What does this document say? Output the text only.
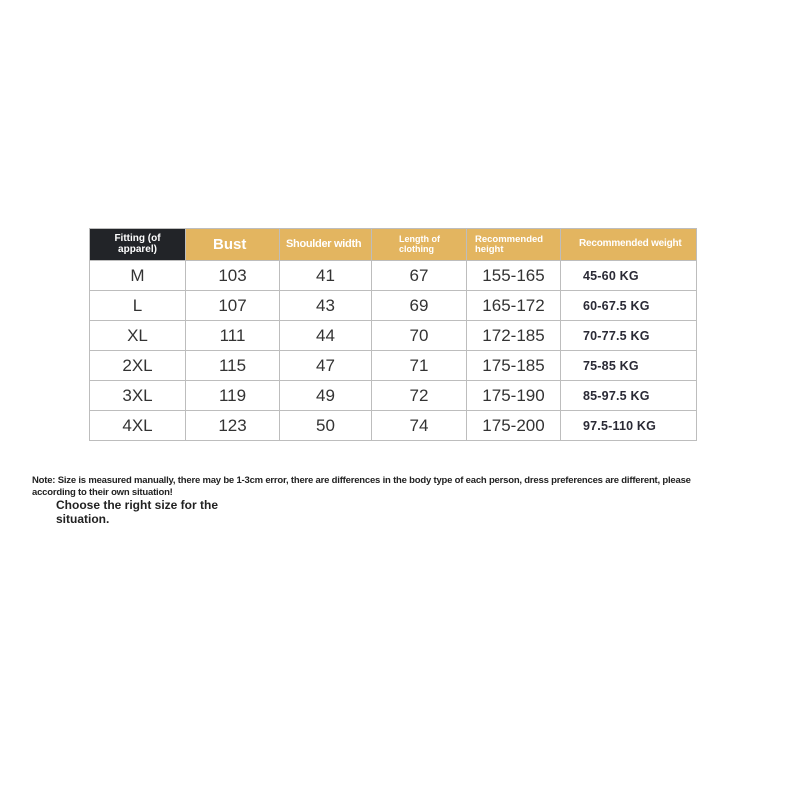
Fitting (of apparel)	Bust	Shoulder width	Length of clothing	Recommended height	Recommended weight
M	103	41	67	155-165	45-60 KG
L	107	43	69	165-172	60-67.5 KG
XL	111	44	70	172-185	70-77.5 KG
2XL	115	47	71	175-185	75-85 KG
3XL	119	49	72	175-190	85-97.5 KG
4XL	123	50	74	175-200	97.5-110 KG
Note: Size is measured manually, there may be 1-3cm error, there are differences in the body type of each person, dress preferences are different, please according to their own situation!
Choose the right size for the situation.
